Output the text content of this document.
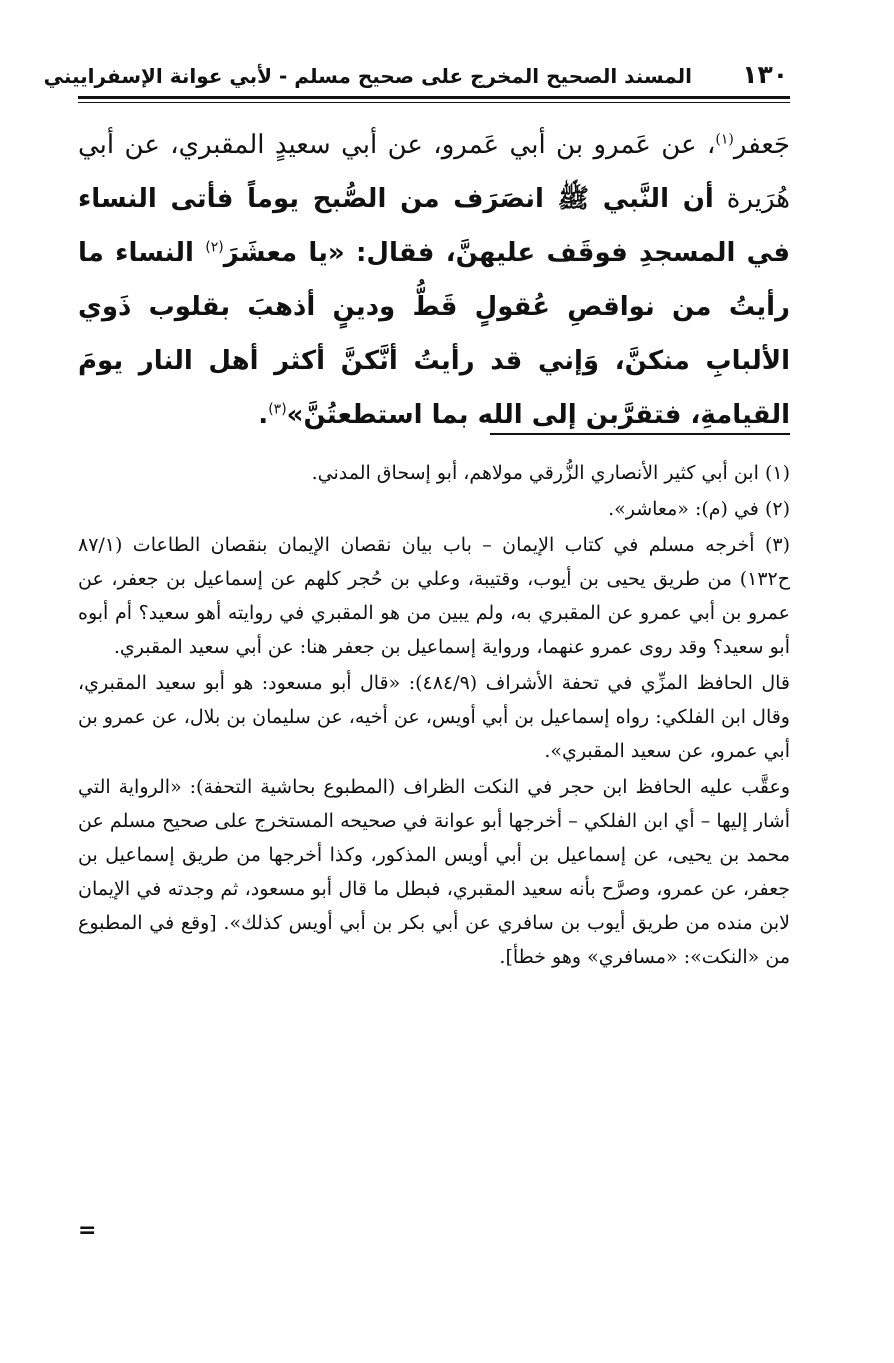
١٣٠
المسند الصحيح المخرج على صحيح مسلم - لأبي عوانة الإسفراييني
جَعفر$^{(١)}$، عن عَمرو بن أبي عَمرو، عن أبي سعيدٍ المقبري، عن أبي هُرَيرة أن النَّبي ﷺ انصَرَف من الصُّبح يوماً فأتى النساء في المسجدِ فوقَف عليهنَّ، فقال: «يا معشَرَ$^{(٢)}$ النساء ما رأيتُ من نواقصِ عُقولٍ قَطُّ ودينٍ أذهبَ بقلوب ذَوي الألبابِ منكنَّ، وَإني قد رأيتُ أنَّكنَّ أكثر أهل النار يومَ القيامةِ، فتقرَّبن إلى الله بما استطعتُنَّ»$^{(٣)}$.

(١) ابن أبي كثير الأنصاري الزُّرقي مولاهم، أبو إسحاق المدني.

(٢) في (م): «معاشر».

(٣) أخرجه مسلم في كتاب الإيمان – باب بيان نقصان الإيمان بنقصان الطاعات (٨٧/١ ح١٣٢) من طريق يحيى بن أيوب، وقتيبة، وعلي بن حُجر كلهم عن إسماعيل بن جعفر، عن عمرو بن أبي عمرو عن المقبري به، ولم يبين من هو المقبري في روايته أهو سعيد؟ أم أبوه أبو سعيد؟ وقد روى عمرو عنهما، ورواية إسماعيل بن جعفر هنا: عن أبي سعيد المقبري.

قال الحافظ المزِّي في تحفة الأشراف (٤٨٤/٩): «قال أبو مسعود: هو أبو سعيد المقبري، وقال ابن الفلكي: رواه إسماعيل بن أبي أويس، عن أخيه، عن سليمان بن بلال، عن عمرو بن أبي عمرو، عن سعيد المقبري».

وعقَّب عليه الحافظ ابن حجر في النكت الظراف (المطبوع بحاشية التحفة): «الرواية التي أشار إليها – أي ابن الفلكي – أخرجها أبو عوانة في صحيحه المستخرج على صحيح مسلم عن محمد بن يحيى، عن إسماعيل بن أبي أويس المذكور، وكذا أخرجها من طريق إسماعيل بن جعفر، عن عمرو، وصرَّح بأنه سعيد المقبري، فبطل ما قال أبو مسعود، ثم وجدته في الإيمان لابن منده من طريق أيوب بن سافري عن أبي بكر بن أبي أويس كذلك». [وقع في المطبوع من «النكت»: «مسافري» وهو خطأ].

=
